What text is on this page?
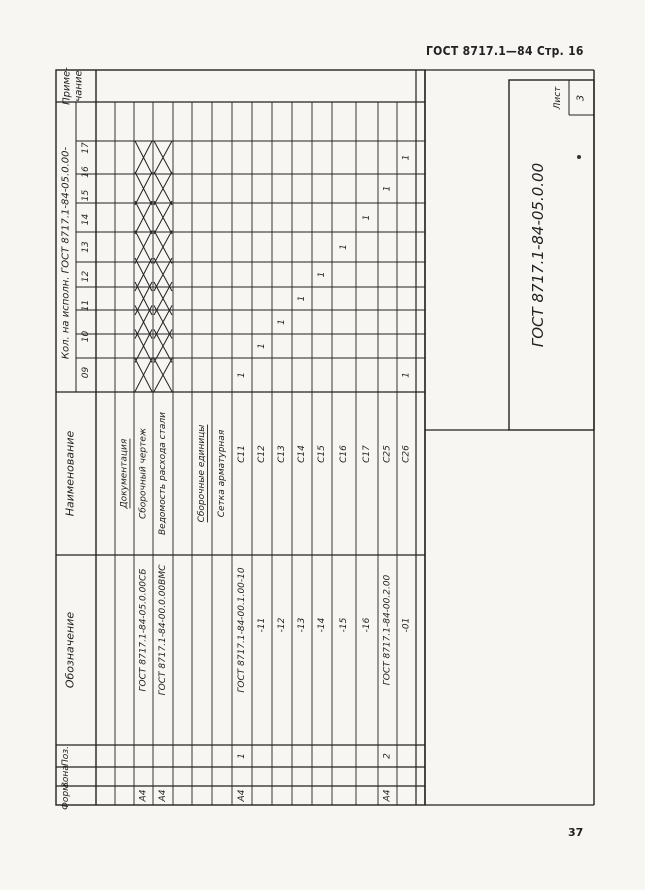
ГОСТ 8717.1—84 Стр. 16
37
Форм.
Зона
Поз.
Обозначение
Наименование
Кол. на исполн. ГОСТ 8717.1-84-05.0.00-
Приме- чание
09
10
11
12
13
14
15
16
17
Документация
А4
ГОСТ 8717.1-84-05.0.00СБ
Сборочный чертеж
А4
ГОСТ 8717.1-84-00.0.00ВМС
Ведомость расхода стали	Сборочные единицы Сетка арматурная
А4
1
ГОСТ 8717.1-84-00.1.00-10
С11
1
-11
С12
1
-12
С13
1
-13
С14
1
-14
С15
1
-15
С16
1
-16
С17
1
А4
2
ГОСТ 8717.1-84-00.2.00
С25
1
-01
С26
1
1
ГОСТ 8717.1-84-05.0.00
Лист 3
